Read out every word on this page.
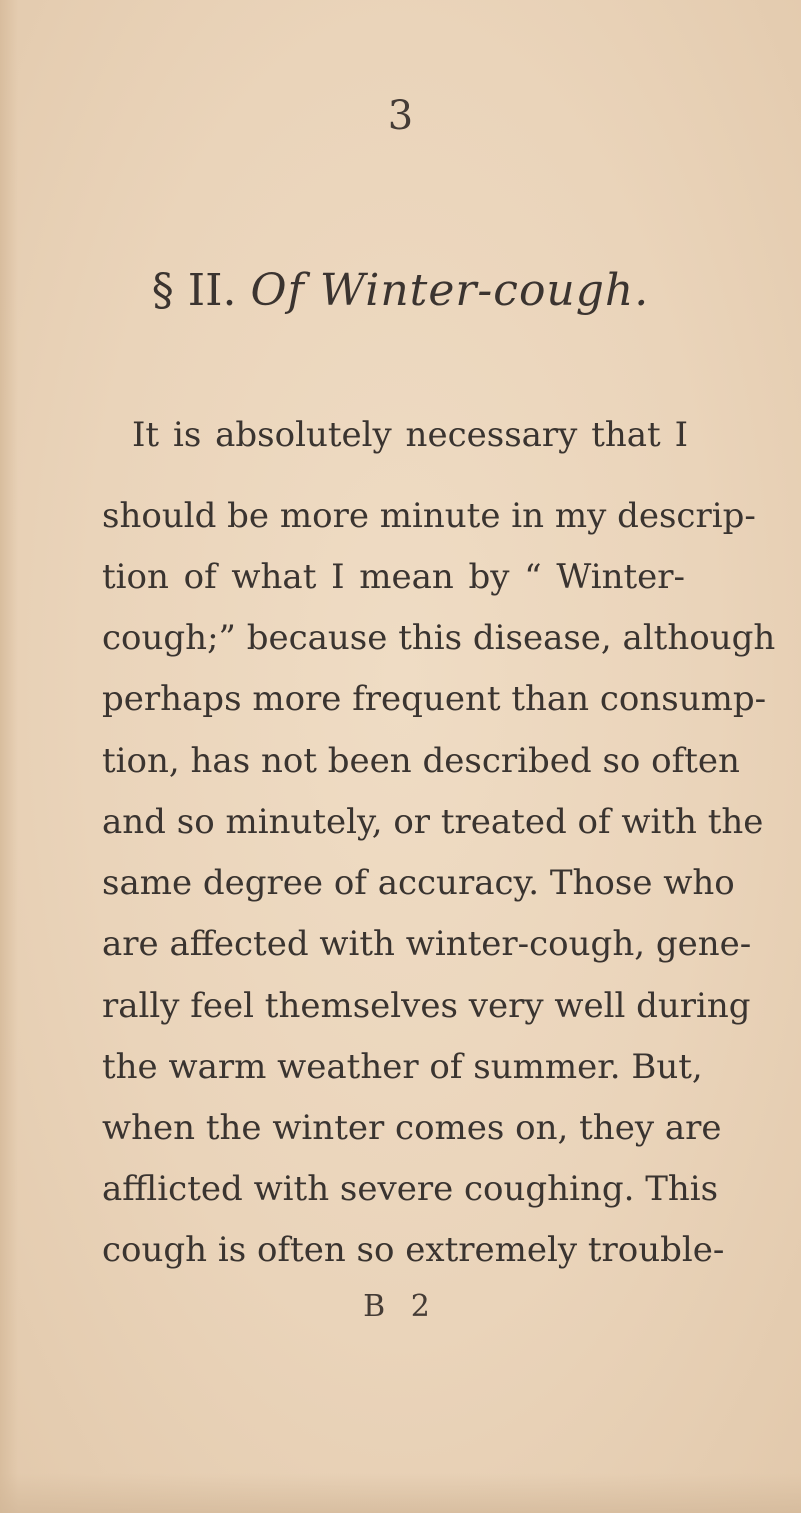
3
§ II. Of Winter-cough.
It is absolutely necessary that I
should be more minute in my descrip-
tion of what I mean by “ Winter-
cough;” because this disease, although
perhaps more frequent than consump-
tion, has not been described so often
and so minutely, or treated of with the
same degree of accuracy. Those who
are affected with winter-cough, gene-
rally feel themselves very well during
the warm weather of summer. But,
when the winter comes on, they are
afflicted with severe coughing. This
cough is often so extremely trouble-
B 2
